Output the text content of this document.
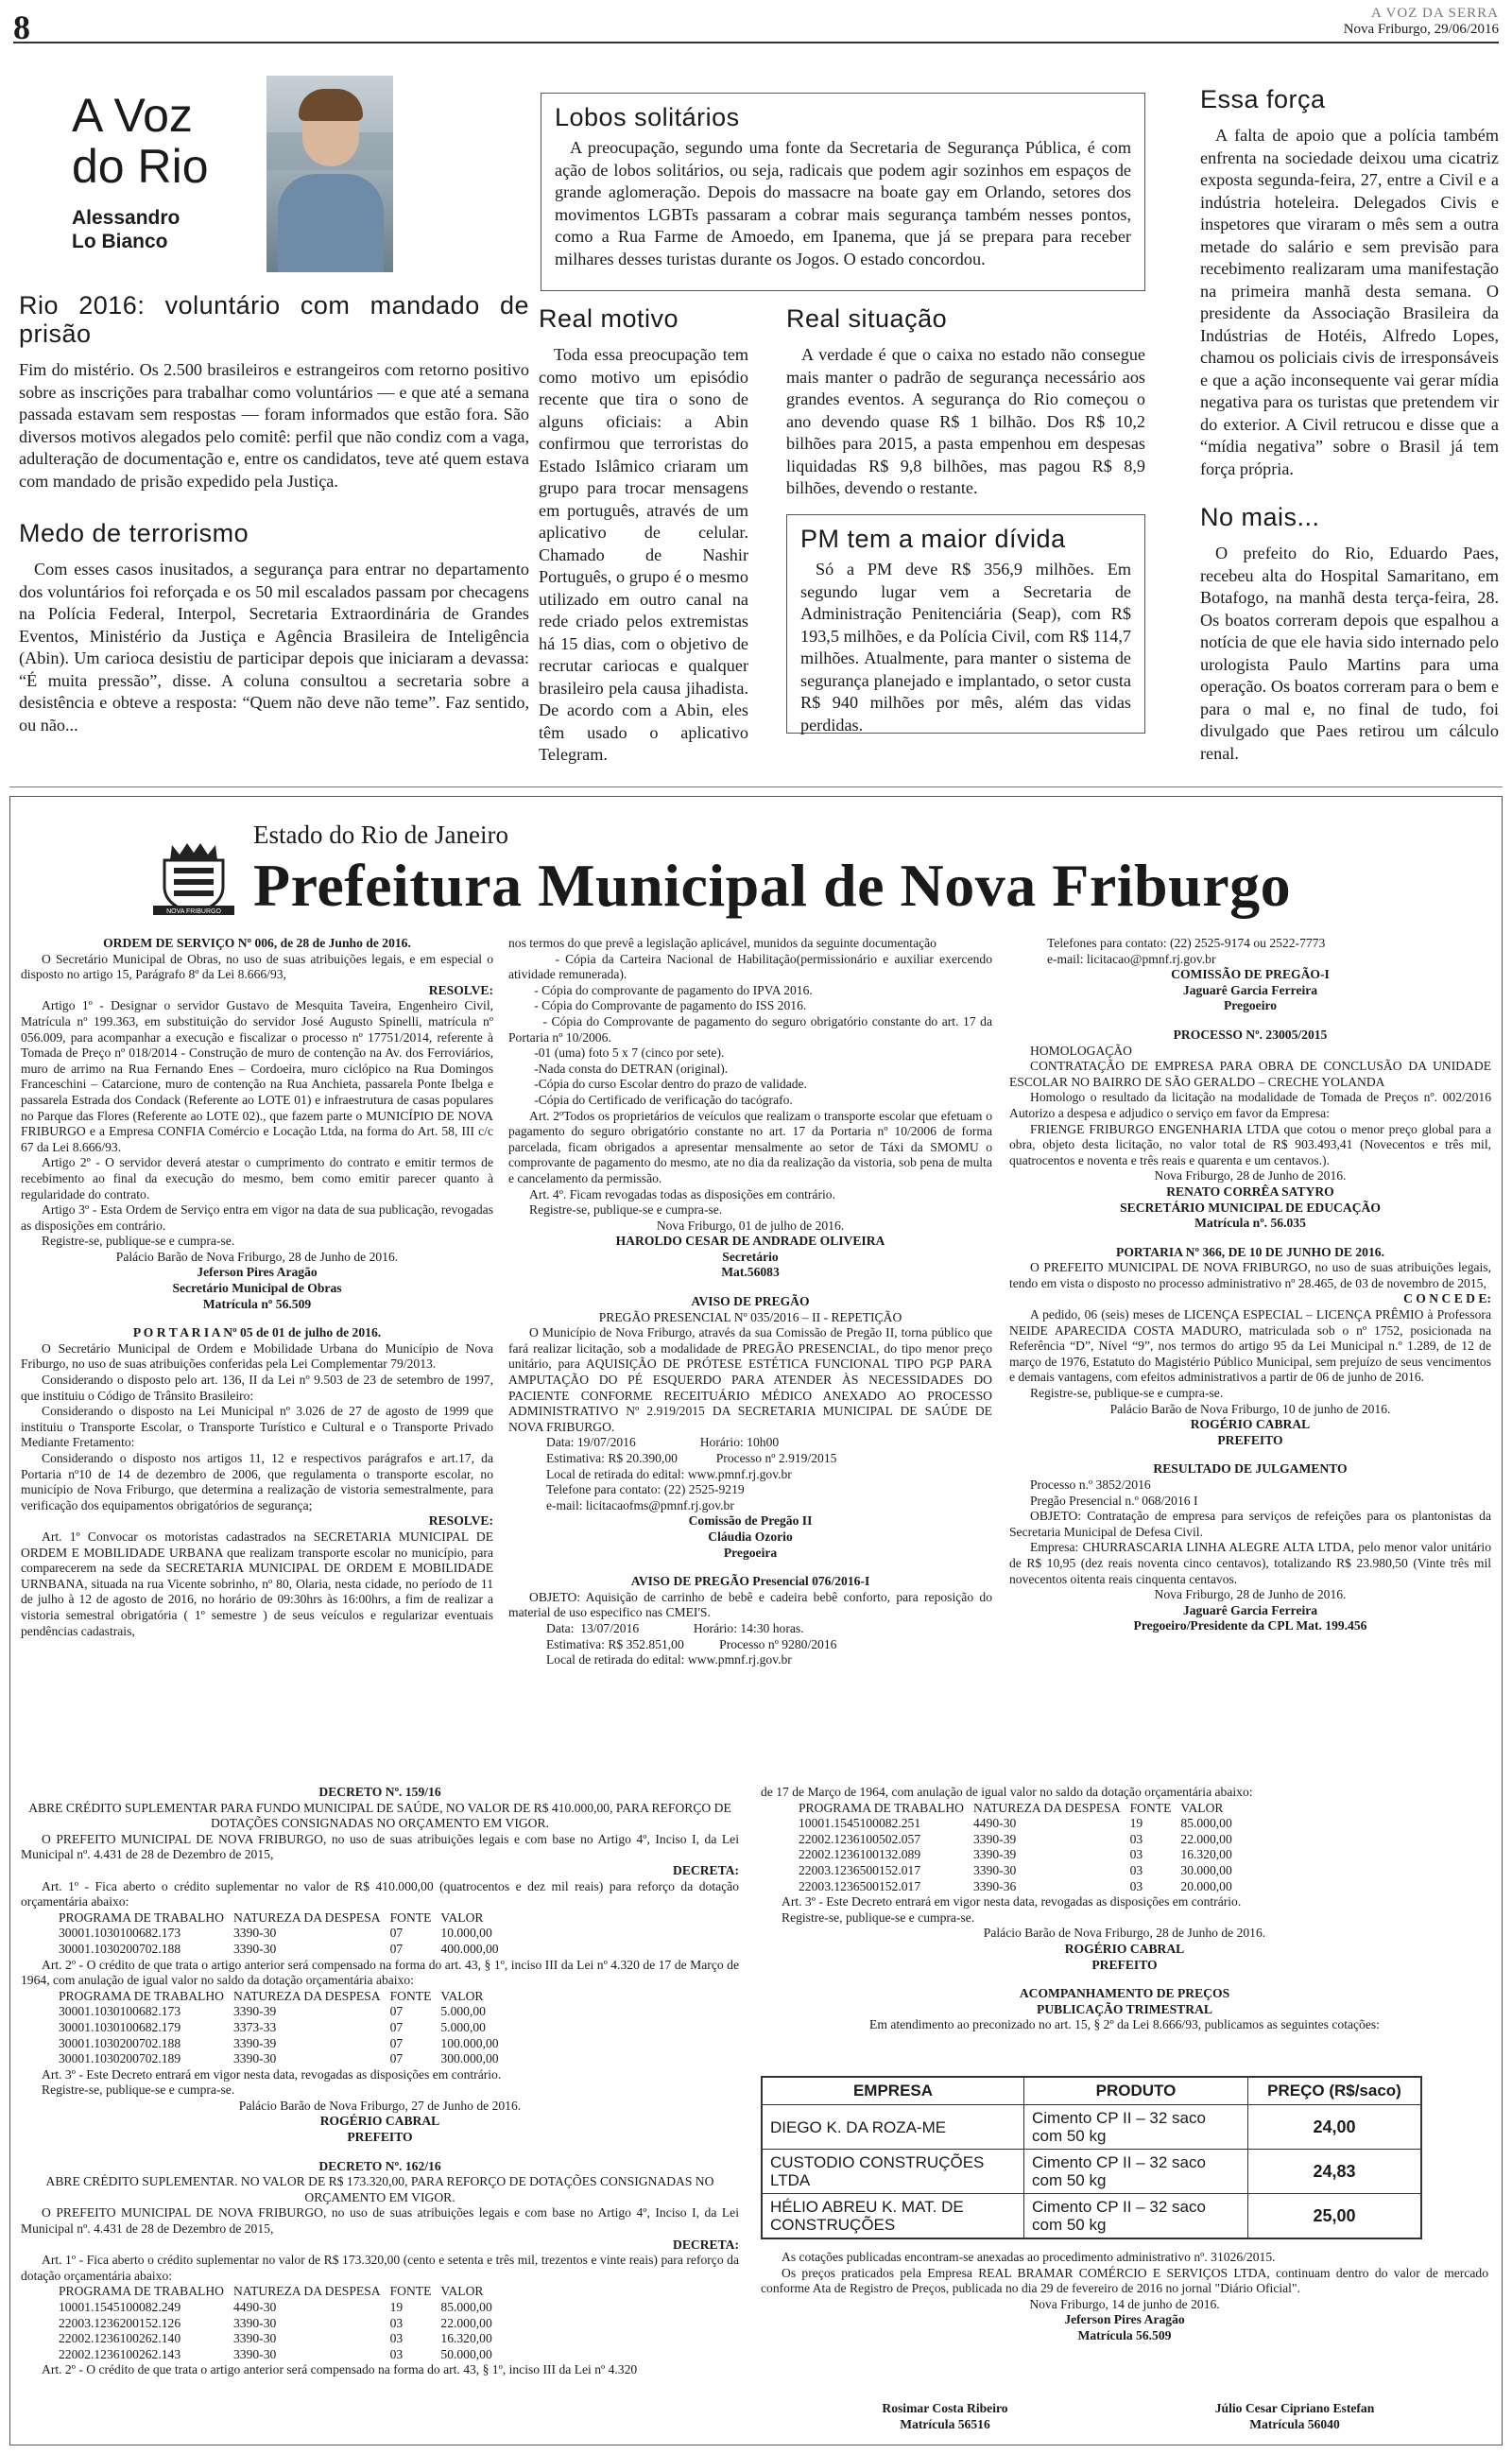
8	A VOZ DA SERRA
Nova Friburgo, 29/06/2016
A Voz
do Rio
Alessandro
Lo Bianco
Rio 2016: voluntário com mandado de prisão

Fim do mistério. Os 2.500 brasileiros e estrangeiros com retorno positivo sobre as inscrições para trabalhar como voluntários — e que até a semana passada estavam sem respostas — foram informados que estão fora. São diversos motivos alegados pelo comitê: perfil que não condiz com a vaga, adulteração de documentação e, entre os candidatos, teve até quem estava com mandado de prisão expedido pela Justiça.

Medo de terrorismo

Com esses casos inusitados, a segurança para entrar no departamento dos voluntários foi reforçada e os 50 mil escalados passam por checagens na Polícia Federal, Interpol, Secretaria Extraordinária de Grandes Eventos, Ministério da Justiça e Agência Brasileira de Inteligência (Abin). Um carioca desistiu de participar depois que iniciaram a devassa: “É muita pressão”, disse. A coluna consultou a secretaria sobre a desistência e obteve a resposta: “Quem não deve não teme”. Faz sentido, ou não...

Lobos solitários

A preocupação, segundo uma fonte da Secretaria de Segurança Pública, é com ação de lobos solitários, ou seja, radicais que podem agir sozinhos em espaços de grande aglomeração. Depois do massacre na boate gay em Orlando, setores dos movimentos LGBTs passaram a cobrar mais segurança também nesses pontos, como a Rua Farme de Amoedo, em Ipanema, que já se prepara para receber milhares desses turistas durante os Jogos. O estado concordou.

Real motivo

Toda essa preocupação tem como motivo um episódio recente que tira o sono de alguns oficiais: a Abin confirmou que terroristas do Estado Islâmico criaram um grupo para trocar mensagens em português, através de um aplicativo de celular. Chamado de Nashir Português, o grupo é o mesmo utilizado em outro canal na rede criado pelos extremistas há 15 dias, com o objetivo de recrutar cariocas e qualquer brasileiro pela causa jihadista. De acordo com a Abin, eles têm usado o aplicativo Telegram.

Real situação

A verdade é que o caixa no estado não consegue mais manter o padrão de segurança necessário aos grandes eventos. A segurança do Rio começou o ano devendo quase R$ 1 bilhão. Dos R$ 10,2 bilhões para 2015, a pasta empenhou em despesas liquidadas R$ 9,8 bilhões, mas pagou R$ 8,9 bilhões, devendo o restante.

PM tem a maior dívida

Só a PM deve R$ 356,9 milhões. Em segundo lugar vem a Secretaria de Administração Penitenciária (Seap), com R$ 193,5 milhões, e da Polícia Civil, com R$ 114,7 milhões. Atualmente, para manter o sistema de segurança planejado e implantado, o setor custa R$ 940 milhões por mês, além das vidas perdidas.

Essa força

A falta de apoio que a polícia também enfrenta na sociedade deixou uma cicatriz exposta segunda-feira, 27, entre a Civil e a indústria hoteleira. Delegados Civis e inspetores que viraram o mês sem a outra metade do salário e sem previsão para recebimento realizaram uma manifestação na primeira manhã desta semana. O presidente da Associação Brasileira da Indústrias de Hotéis, Alfredo Lopes, chamou os policiais civis de irresponsáveis e que a ação inconsequente vai gerar mídia negativa para os turistas que pretendem vir do exterior. A Civil retrucou e disse que a “mídia negativa” sobre o Brasil já tem força própria.

No mais...

O prefeito do Rio, Eduardo Paes, recebeu alta do Hospital Samaritano, em Botafogo, na manhã desta terça-feira, 28. Os boatos correram depois que espalhou a notícia de que ele havia sido internado pelo urologista Paulo Martins para uma operação. Os boatos correram para o bem e para o mal e, no final de tudo, foi divulgado que Paes retirou um cálculo renal.

NOVA FRIBURGO
Estado do Rio de Janeiro
Prefeitura Municipal de Nova Friburgo

ORDEM DE SERVIÇO Nº 006, de 28 de Junho de 2016.

O Secretário Municipal de Obras, no uso de suas atribuições legais, e em especial o disposto no artigo 15, Parágrafo 8º da Lei 8.666/93,

RESOLVE:

Artigo 1º - Designar o servidor Gustavo de Mesquita Taveira, Engenheiro Civil, Matrícula nº 199.363, em substituição do servidor José Augusto Spinelli, matrícula nº 056.009, para acompanhar a execução e fiscalizar o processo nº 17751/2014, referente à Tomada de Preço nº 018/2014 - Construção de muro de contenção na Av. dos Ferroviários, muro de arrimo na Rua Fernando Enes – Cordoeira, muro ciclópico na Rua Domingos Franceschini – Catarcione, muro de contenção na Rua Anchieta, passarela Ponte Ibelga e passarela Estrada dos Condack (Referente ao LOTE 01) e infraestrutura de casas populares no Parque das Flores (Referente ao LOTE 02)., que fazem parte o MUNICÍPIO DE NOVA FRIBURGO e a Empresa CONFIA Comércio e Locação Ltda, na forma do Art. 58, III c/c 67 da Lei 8.666/93.

Artigo 2º - O servidor deverá atestar o cumprimento do contrato e emitir termos de recebimento ao final da execução do mesmo, bem como emitir parecer quanto à regularidade do contrato.

Artigo 3º - Esta Ordem de Serviço entra em vigor na data de sua publicação, revogadas as disposições em contrário.

Registre-se, publique-se e cumpra-se.

Palácio Barão de Nova Friburgo, 28 de Junho de 2016.

Jeferson Pires Aragão

Secretário Municipal de Obras

Matrícula nº 56.509

P O R T A R I A Nº 05 de 01 de julho de 2016.

O Secretário Municipal de Ordem e Mobilidade Urbana do Município de Nova Friburgo, no uso de suas atribuições conferidas pela Lei Complementar 79/2013.

Considerando o disposto pelo art. 136, II da Lei nº 9.503 de 23 de setembro de 1997, que instituiu o Código de Trânsito Brasileiro:

Considerando o disposto na Lei Municipal nº 3.026 de 27 de agosto de 1999 que instituiu o Transporte Escolar, o Transporte Turístico e Cultural e o Transporte Privado Mediante Fretamento:

Considerando o disposto nos artigos 11, 12 e respectivos parágrafos e art.17, da Portaria nº10 de 14 de dezembro de 2006, que regulamenta o transporte escolar, no município de Nova Friburgo, que determina a realização de vistoria semestralmente, para verificação dos equipamentos obrigatórios de segurança;

RESOLVE:

Art. 1º Convocar os motoristas cadastrados na SECRETARIA MUNICIPAL DE ORDEM E MOBILIDADE URBANA que realizam transporte escolar no município, para comparecerem na sede da SECRETARIA MUNICIPAL DE ORDEM E MOBILIDADE URNBANA, situada na rua Vicente sobrinho, nº 80, Olaria, nesta cidade, no período de 11 de julho à 12 de agosto de 2016, no horário de 09:30hrs às 16:00hrs, a fim de realizar a vistoria semestral obrigatória ( 1º semestre ) de seus veículos e regularizar eventuais pendências cadastrais,

nos termos do que prevê a legislação aplicável, munidos da seguinte documentação

- Cópia da Carteira Nacional de Habilitação(permissionário e auxiliar exercendo atividade remunerada).

- Cópia do comprovante de pagamento do IPVA 2016.

- Cópia do Comprovante de pagamento do ISS 2016.

- Cópia do Comprovante de pagamento do seguro obrigatório constante do art. 17 da Portaria nº 10/2006.

-01 (uma) foto 5 x 7 (cinco por sete).

-Nada consta do DETRAN (original).

-Cópia do curso Escolar dentro do prazo de validade.

-Cópia do Certificado de verificação do tacógrafo.

Art. 2ºTodos os proprietários de veículos que realizam o transporte escolar que efetuam o pagamento do seguro obrigatório constante no art. 17 da Portaria nº 10/2006 de forma parcelada, ficam obrigados a apresentar mensalmente ao setor de Táxi da SMOMU o comprovante de pagamento do mesmo, ate no dia da realização da vistoria, sob pena de multa e cancelamento da permissão.

Art. 4º. Ficam revogadas todas as disposições em contrário.

Registre-se, publique-se e cumpra-se.

Nova Friburgo, 01 de julho de 2016.

HAROLDO CESAR DE ANDRADE OLIVEIRA

Secretário

Mat.56083

AVISO DE PREGÃO

PREGÃO PRESENCIAL Nº 035/2016 – II - REPETIÇÃO

O Município de Nova Friburgo, através da sua Comissão de Pregão II, torna público que fará realizar licitação, sob a modalidade de PREGÃO PRESENCIAL, do tipo menor preço unitário, para AQUISIÇÃO DE PRÓTESE ESTÉTICA FUNCIONAL TIPO PGP PARA AMPUTAÇÃO DO PÉ ESQUERDO PARA ATENDER ÀS NECESSIDADES DO PACIENTE CONFORME RECEITUÁRIO MÉDICO ANEXADO AO PROCESSO ADMINISTRATIVO Nº 2.919/2015 DA SECRETARIA MUNICIPAL DE SAÚDE DE NOVA FRIBURGO.

Data: 19/07/2016                    Horário: 10h00

Estimativa: R$ 20.390,00            Processo nº 2.919/2015

Local de retirada do edital: www.pmnf.rj.gov.br

Telefone para contato: (22) 2525-9219

e-mail: licitacaofms@pmnf.rj.gov.br

Comissão de Pregão II

Cláudia Ozorio

Pregoeira

AVISO DE PREGÃO Presencial 076/2016-I

OBJETO: Aquisição de carrinho de bebê e cadeira bebê conforto, para reposição do material de uso especifico nas CMEI'S.

Data:  13/07/2016                 Horário: 14:30 horas.

Estimativa: R$ 352.851,00           Processo nº 9280/2016

Local de retirada do edital: www.pmnf.rj.gov.br

Telefones para contato: (22) 2525-9174 ou 2522-7773

e-mail: licitacao@pmnf.rj.gov.br

COMISSÃO DE PREGÃO-I

Jaguarê Garcia Ferreira

Pregoeiro

PROCESSO Nº. 23005/2015

HOMOLOGAÇÃO

CONTRATAÇÃO DE EMPRESA PARA OBRA DE CONCLUSÃO DA UNIDADE ESCOLAR NO BAIRRO DE SÃO GERALDO – CRECHE YOLANDA

Homologo o resultado da licitação na modalidade de Tomada de Preços nº. 002/2016 Autorizo a despesa e adjudico o serviço em favor da Empresa:

FRIENGE FRIBURGO ENGENHARIA LTDA que cotou o menor preço global para a obra, objeto desta licitação, no valor total de R$ 903.493,41 (Novecentos e três mil, quatrocentos e noventa e três reais e quarenta e um centavos.).

Nova Friburgo, 28 de Junho de 2016.

RENATO CORRÊA SATYRO

SECRETÁRIO MUNICIPAL DE EDUCAÇÃO

Matrícula nº. 56.035

PORTARIA Nº 366, DE 10 DE JUNHO DE 2016.

O PREFEITO MUNICIPAL DE NOVA FRIBURGO, no uso de suas atribuições legais, tendo em vista o disposto no processo administrativo nº 28.465, de 03 de novembro de 2015,

C O N C E D E:

A pedido, 06 (seis) meses de LICENÇA ESPECIAL – LICENÇA PRÊMIO à Professora NEIDE APARECIDA COSTA MADURO, matriculada sob o nº 1752, posicionada na Referência “D”, Nível “9”, nos termos do artigo 95 da Lei Municipal n.º 1.289, de 12 de março de 1976, Estatuto do Magistério Público Municipal, sem prejuízo de seus vencimentos e demais vantagens, com efeitos administrativos a partir de 06 de junho de 2016.

Registre-se, publique-se e cumpra-se.

Palácio Barão de Nova Friburgo, 10 de junho de 2016.

ROGÉRIO CABRAL

PREFEITO

RESULTADO DE JULGAMENTO

Processo n.º 3852/2016

Pregão Presencial n.º 068/2016 I

OBJETO: Contratação de empresa para serviços de refeições para os plantonistas da Secretaria Municipal de Defesa Civil.

Empresa: CHURRASCARIA LINHA ALEGRE ALTA LTDA, pelo menor valor unitário de R$ 10,95 (dez reais noventa cinco centavos), totalizando R$ 23.980,50 (Vinte três mil novecentos oitenta reais cinquenta centavos.

Nova Friburgo, 28 de Junho de 2016.

Jaguarê Garcia Ferreira

Pregoeiro/Presidente da CPL Mat. 199.456

DECRETO Nº. 159/16

ABRE CRÉDITO SUPLEMENTAR PARA FUNDO MUNICIPAL DE SAÚDE, NO VALOR DE R$ 410.000,00, PARA REFORÇO DE DOTAÇÕES CONSIGNADAS NO ORÇAMENTO EM VIGOR.

O PREFEITO MUNICIPAL DE NOVA FRIBURGO, no uso de suas atribuições legais e com base no Artigo 4º, Inciso I, da Lei Municipal nº. 4.431 de 28 de Dezembro de 2015,

DECRETA:

Art. 1º - Fica aberto o crédito suplementar no valor de R$ 410.000,00 (quatrocentos e dez mil reais) para reforço da dotação orçamentária abaixo:

PROGRAMA DE TRABALHO	NATUREZA DA DESPESA	FONTE	VALOR
30001.1030100682.173	3390-30	07	10.000,00
30001.1030200702.188	3390-30	07	400.000,00

Art. 2º - O crédito de que trata o artigo anterior será compensado na forma do art. 43, § 1º, inciso III da Lei nº 4.320 de 17 de Março de 1964, com anulação de igual valor no saldo da dotação orçamentária abaixo:

PROGRAMA DE TRABALHO	NATUREZA DA DESPESA	FONTE	VALOR
30001.1030100682.173	3390-39	07	5.000,00
30001.1030100682.179	3373-33	07	5.000,00
30001.1030200702.188	3390-39	07	100.000,00
30001.1030200702.189	3390-30	07	300.000,00

Art. 3º - Este Decreto entrará em vigor nesta data, revogadas as disposições em contrário.

Registre-se, publique-se e cumpra-se.

Palácio Barão de Nova Friburgo, 27 de Junho de 2016.

ROGÉRIO CABRAL

PREFEITO

DECRETO Nº. 162/16

ABRE CRÉDITO SUPLEMENTAR. NO VALOR DE R$ 173.320,00, PARA REFORÇO DE DOTAÇÕES CONSIGNADAS NO ORÇAMENTO EM VIGOR.

O PREFEITO MUNICIPAL DE NOVA FRIBURGO, no uso de suas atribuições legais e com base no Artigo 4º, Inciso I, da Lei Municipal nº. 4.431 de 28 de Dezembro de 2015,

DECRETA:

Art. 1º - Fica aberto o crédito suplementar no valor de R$ 173.320,00 (cento e setenta e três mil, trezentos e vinte reais) para reforço da dotação orçamentária abaixo:

PROGRAMA DE TRABALHO	NATUREZA DA DESPESA	FONTE	VALOR
10001.1545100082.249	4490-30	19	85.000,00
22003.1236200152.126	3390-30	03	22.000,00
22002.1236100262.140	3390-30	03	16.320,00
22002.1236100262.143	3390-30	03	50.000,00

Art. 2º - O crédito de que trata o artigo anterior será compensado na forma do art. 43, § 1º, inciso III da Lei nº 4.320

de 17 de Março de 1964, com anulação de igual valor no saldo da dotação orçamentária abaixo:

PROGRAMA DE TRABALHO	NATUREZA DA DESPESA	FONTE	VALOR
10001.1545100082.251	4490-30	19	85.000,00
22002.1236100502.057	3390-39	03	22.000,00
22002.1236100132.089	3390-39	03	16.320,00
22003.1236500152.017	3390-30	03	30.000,00
22003.1236500152.017	3390-36	03	20.000,00

Art. 3º - Este Decreto entrará em vigor nesta data, revogadas as disposições em contrário.

Registre-se, publique-se e cumpra-se.

Palácio Barão de Nova Friburgo, 28 de Junho de 2016.

ROGÉRIO CABRAL

PREFEITO

ACOMPANHAMENTO DE PREÇOS

PUBLICAÇÃO TRIMESTRAL

Em atendimento ao preconizado no art. 15, § 2º da Lei 8.666/93, publicamos as seguintes cotações:

EMPRESA	PRODUTO	PREÇO (R$/saco)
DIEGO K. DA ROZA-ME	Cimento CP II – 32 saco com 50 kg	24,00
CUSTODIO CONSTRUÇÕES LTDA	Cimento CP II – 32 saco com 50 kg	24,83
HÉLIO ABREU K. MAT. DE CONSTRUÇÕES	Cimento CP II – 32 saco com 50 kg	25,00

As cotações publicadas encontram-se anexadas ao procedimento administrativo nº. 31026/2015.

Os preços praticados pela Empresa REAL BRAMAR COMÉRCIO E SERVIÇOS LTDA, continuam dentro do valor de mercado conforme Ata de Registro de Preços, publicada no dia 29 de fevereiro de 2016 no jornal "Diário Oficial".

Nova Friburgo, 14 de junho de 2016.

Jeferson Pires Aragão

Matrícula 56.509

Rosimar Costa Ribeiro

Matrícula 56516

Júlio Cesar Cipriano Estefan

Matrícula 56040
